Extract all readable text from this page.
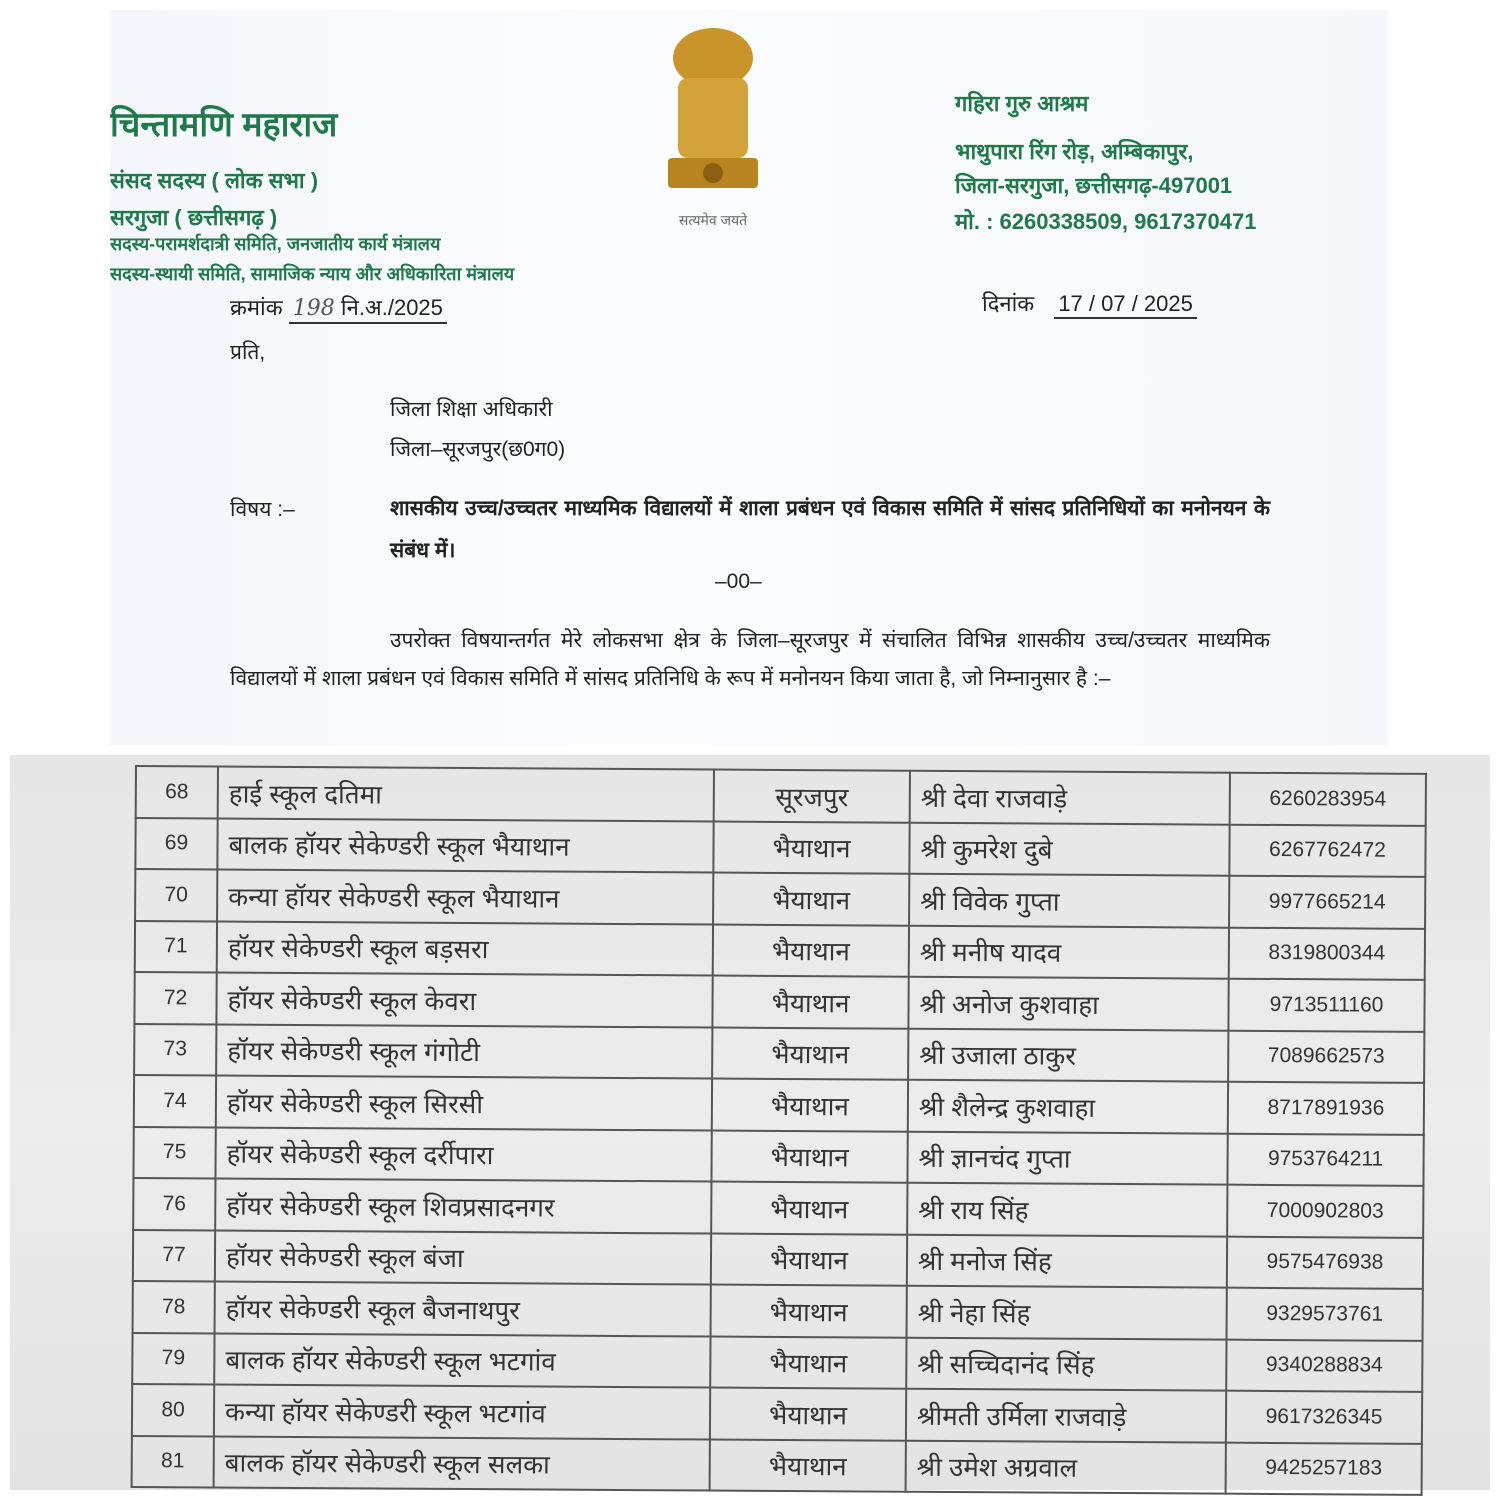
चिन्तामणि महाराज
संसद सदस्य ( लोक सभा )
सरगुजा ( छत्तीसगढ़ )
सदस्य-परामर्शदात्री समिति, जनजातीय कार्य मंत्रालय
सदस्य-स्थायी समिति, सामाजिक न्याय और अधिकारिता मंत्रालय
सत्यमेव जयते
गहिरा गुरु आश्रम
भाथुपारा रिंग रोड़, अम्बिकापुर,
जिला-सरगुजा, छत्तीसगढ़-497001
मो. : 6260338509, 9617370471
क्रमांक 198 नि.अ./2025	दिनांक 17 / 07 / 2025
प्रति,
जिला शिक्षा अधिकारी
जिला–सूरजपुर(छ0ग0)
विषय :–	शासकीय उच्च/उच्चतर माध्यमिक विद्यालयों में शाला प्रबंधन एवं विकास समिति में सांसद प्रतिनिधियों का मनोनयन के संबंध में।
–00–
उपरोक्त विषयान्तर्गत मेरे लोकसभा क्षेत्र के जिला–सूरजपुर में संचालित विभिन्न शासकीय उच्च/उच्चतर माध्यमिक विद्यालयों में शाला प्रबंधन एवं विकास समिति में सांसद प्रतिनिधि के रूप में मनोनयन किया जाता है, जो निम्नानुसार है :–
68	हाई स्कूल दतिमा	सूरजपुर	श्री देवा राजवाड़े	6260283954
69	बालक हॉयर सेकेण्डरी स्कूल भैयाथान	भैयाथान	श्री कुमरेश दुबे	6267762472
70	कन्या हॉयर सेकेण्डरी स्कूल भैयाथान	भैयाथान	श्री विवेक गुप्ता	9977665214
71	हॉयर सेकेण्डरी स्कूल बड़सरा	भैयाथान	श्री मनीष यादव	8319800344
72	हॉयर सेकेण्डरी स्कूल केवरा	भैयाथान	श्री अनोज कुशवाहा	9713511160
73	हॉयर सेकेण्डरी स्कूल गंगोटी	भैयाथान	श्री उजाला ठाकुर	7089662573
74	हॉयर सेकेण्डरी स्कूल सिरसी	भैयाथान	श्री शैलेन्द्र कुशवाहा	8717891936
75	हॉयर सेकेण्डरी स्कूल दर्रीपारा	भैयाथान	श्री ज्ञानचंद गुप्ता	9753764211
76	हॉयर सेकेण्डरी स्कूल शिवप्रसादनगर	भैयाथान	श्री राय सिंह	7000902803
77	हॉयर सेकेण्डरी स्कूल बंजा	भैयाथान	श्री मनोज सिंह	9575476938
78	हॉयर सेकेण्डरी स्कूल बैजनाथपुर	भैयाथान	श्री नेहा सिंह	9329573761
79	बालक हॉयर सेकेण्डरी स्कूल भटगांव	भैयाथान	श्री सच्चिदानंद सिंह	9340288834
80	कन्या हॉयर सेकेण्डरी स्कूल भटगांव	भैयाथान	श्रीमती उर्मिला राजवाड़े	9617326345
81	बालक हॉयर सेकेण्डरी स्कूल सलका	भैयाथान	श्री उमेश अग्रवाल	9425257183
